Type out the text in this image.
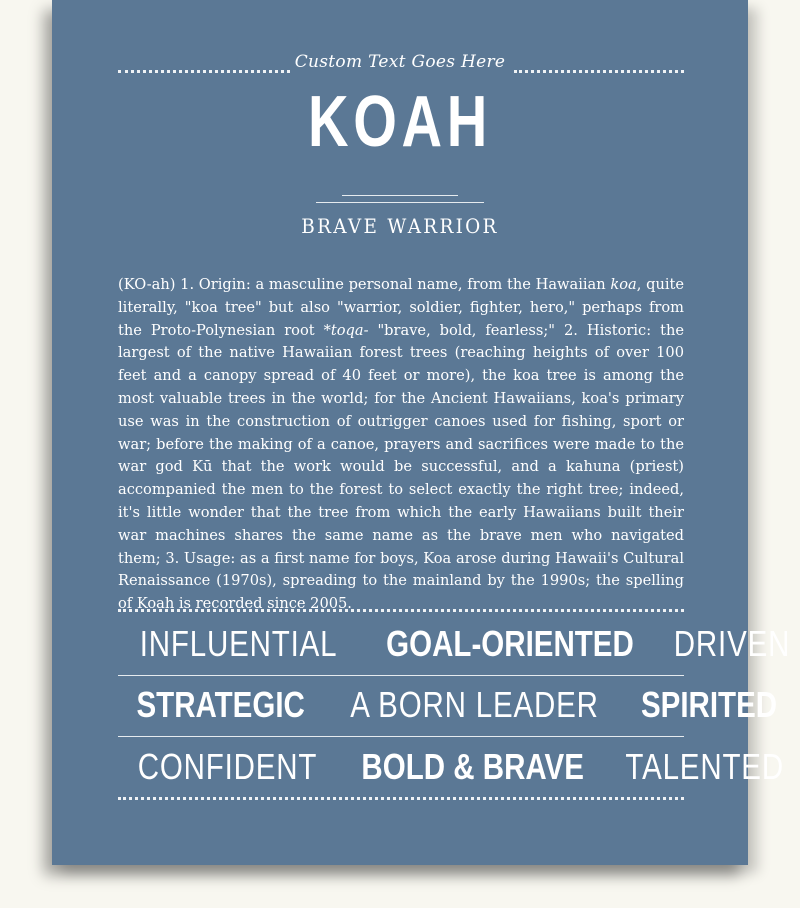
Custom Text Goes Here
KOAH
BRAVE WARRIOR
(KO-ah) 1. Origin: a masculine personal name, from the Hawaiian koa, quite literally, "koa tree" but also "warrior, soldier, fighter, hero," perhaps from the Proto-Polynesian root *toqa- "brave, bold, fearless;" 2. Historic: the largest of the native Hawaiian forest trees (reaching heights of over 100 feet and a canopy spread of 40 feet or more), the koa tree is among the most valuable trees in the world; for the Ancient Hawaiians, koa's primary use was in the construction of outrigger canoes used for fishing, sport or war; before the making of a canoe, prayers and sacrifices were made to the war god Kū that the work would be successful, and a kahuna (priest) accompanied the men to the forest to select exactly the right tree; indeed, it's little wonder that the tree from which the early Hawaiians built their war machines shares the same name as the brave men who navigated them; 3. Usage: as a first name for boys, Koa arose during Hawaii's Cultural Renaissance (1970s), spreading to the mainland by the 1990s; the spelling of Koah is recorded since 2005.
INFLUENTIAL GOAL-ORIENTED DRIVEN
STRATEGIC A BORN LEADER SPIRITED
CONFIDENT BOLD & BRAVE TALENTED
